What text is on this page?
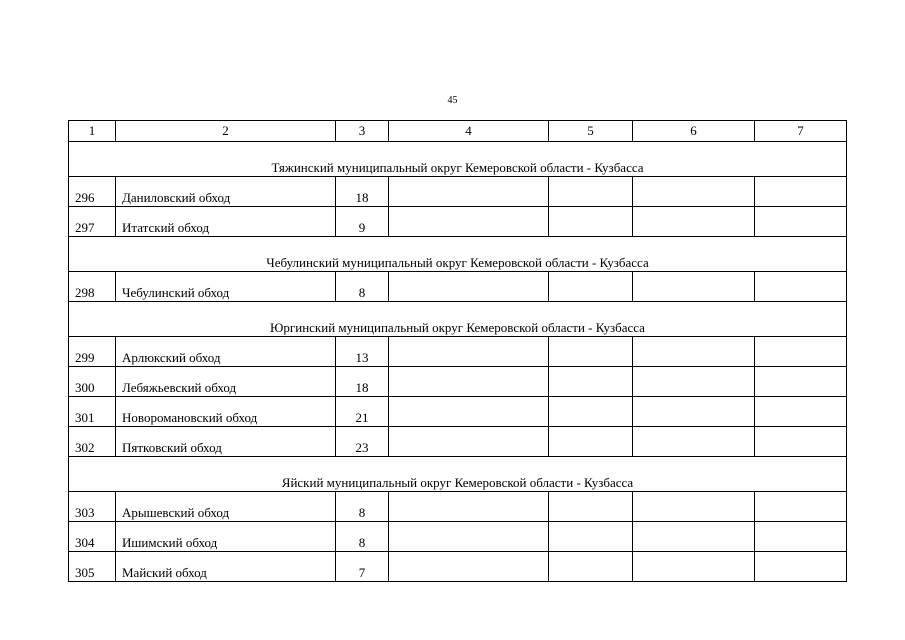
45
1	2	3	4	5	6	7
Тяжинский муниципальный округ Кемеровской области - Кузбасса						
296	Даниловский обход	18				
297	Итатский обход	9				
Чебулинский муниципальный округ Кемеровской области - Кузбасса						
298	Чебулинский обход	8				
Юргинский муниципальный округ Кемеровской области - Кузбасса						
299	Арлюкский обход	13				
300	Лебяжьевский обход	18				
301	Новоромановский обход	21				
302	Пятковский обход	23				
Яйский муниципальный округ Кемеровской области - Кузбасса						
303	Арышевский обход	8				
304	Ишимский обход	8				
305	Майский обход	7				
